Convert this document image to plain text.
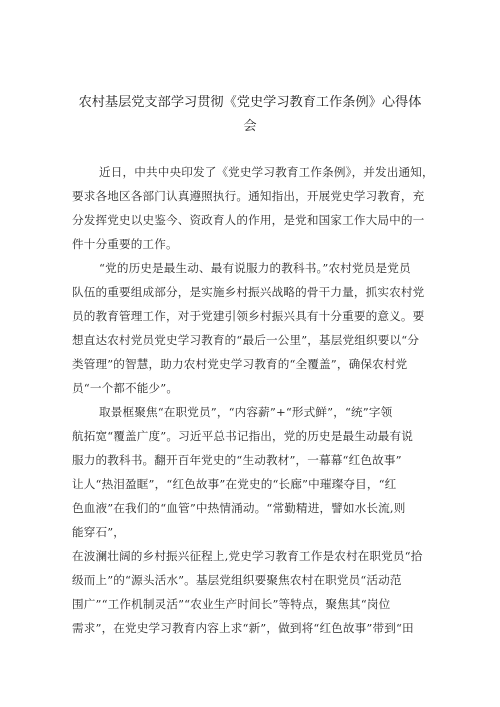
农村基层党支部学习贯彻《党史学习教育工作条例》心得体
会
近日，中共中央印发了《党史学习教育工作条例》，并发出通知，
要求各地区各部门认真遵照执行。通知指出，开展党史学习教育，充
分发挥党史以史鉴今、资政育人的作用，是党和国家工作大局中的一
件十分重要的工作。
“党的历史是最生动、最有说服力的教科书。”农村党员是党员
队伍的重要组成部分，是实施乡村振兴战略的骨干力量，抓实农村党
员的教育管理工作，对于党建引领乡村振兴具有十分重要的意义。要
想直达农村党员党史学习教育的“最后一公里”，基层党组织要以“分
类管理”的智慧，助力农村党史学习教育的“全覆盖”，确保农村党
员“一个都不能少”。
取景框聚焦“在职党员”，“内容薪”+“形式鲜”，“统”字领
航拓宽“覆盖广度”。习近平总书记指出，党的历史是最生动最有说
服力的教科书。翻开百年党史的“生动教材”，一幕幕“红色故事”
让人“热泪盈眶”，“红色故事”在党史的“长廊”中璀璨夺目，“红
色血液”在我们的“血管”中热情涌动。“常勤精进，譬如水长流,则
能穿石”，
在波澜壮阔的乡村振兴征程上,党史学习教育工作是农村在职党员“拾
级而上”的“源头活水”。基层党组织要聚焦农村在职党员“活动范
围广”“工作机制灵活”“农业生产时间长”等特点，聚焦其“岗位
需求”，在党史学习教育内容上求“新”，做到将“红色故事”带到“田
